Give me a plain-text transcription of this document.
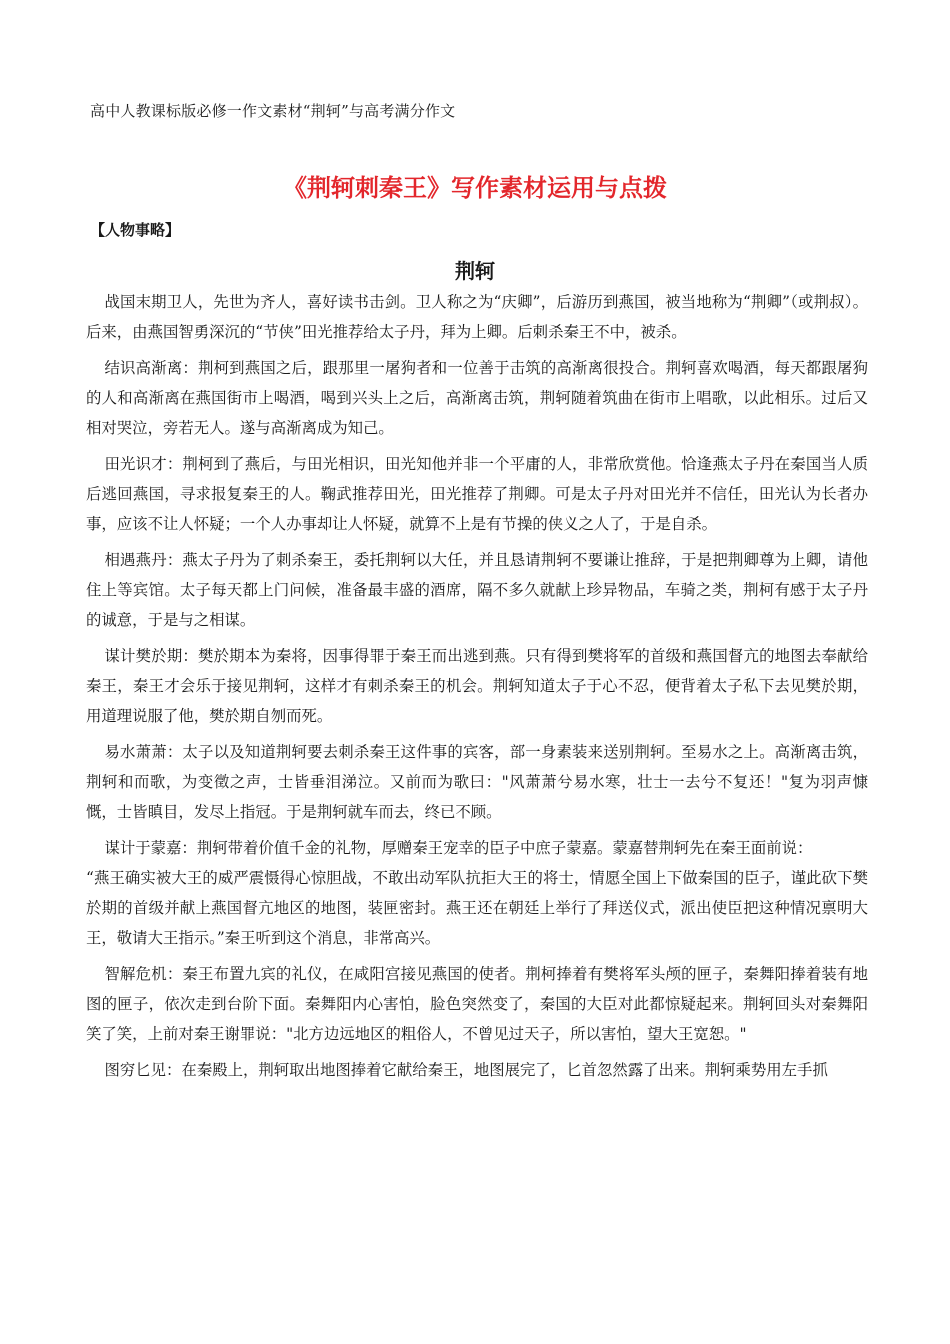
高中人教课标版必修一作文素材“荆轲”与高考满分作文
《荆轲刺秦王》写作素材运用与点拨
【人物事略】
荆轲

战国末期卫人，先世为齐人，喜好读书击剑。卫人称之为“庆卿”，后游历到燕国，被当地称为“荆卿”（或荆叔）。后来，由燕国智勇深沉的“节侠”田光推荐给太子丹，拜为上卿。后刺杀秦王不中，被杀。

结识高渐离：荆柯到燕国之后，跟那里一屠狗者和一位善于击筑的高渐离很投合。荆轲喜欢喝酒，每天都跟屠狗的人和高渐离在燕国街市上喝酒，喝到兴头上之后，高渐离击筑，荆轲随着筑曲在街市上唱歌，以此相乐。过后又相对哭泣，旁若无人。遂与高渐离成为知己。

田光识才：荆柯到了燕后，与田光相识，田光知他并非一个平庸的人，非常欣赏他。恰逢燕太子丹在秦国当人质后逃回燕国，寻求报复秦王的人。鞠武推荐田光，田光推荐了荆卿。可是太子丹对田光并不信任，田光认为长者办事，应该不让人怀疑；一个人办事却让人怀疑，就算不上是有节操的侠义之人了，于是自杀。

相遇燕丹：燕太子丹为了刺杀秦王，委托荆轲以大任，并且恳请荆轲不要谦让推辞，于是把荆卿尊为上卿，请他住上等宾馆。太子每天都上门问候，准备最丰盛的酒席，隔不多久就献上珍异物品，车骑之类，荆柯有感于太子丹的诚意，于是与之相谋。

谋计樊於期：樊於期本为秦将，因事得罪于秦王而出逃到燕。只有得到樊将军的首级和燕国督亢的地图去奉献给秦王，秦王才会乐于接见荆轲，这样才有刺杀秦王的机会。荆轲知道太子于心不忍，便背着太子私下去见樊於期，用道理说服了他，樊於期自刎而死。

易水萧萧：太子以及知道荆轲要去刺杀秦王这件事的宾客，部一身素装来送别荆轲。至易水之上。高渐离击筑，荆轲和而歌，为变徵之声，士皆垂泪涕泣。又前而为歌曰："风萧萧兮易水寒，壮士一去兮不复还！"复为羽声慷慨，士皆瞋目，发尽上指冠。于是荆轲就车而去，终已不顾。

谋计于蒙嘉：荆轲带着价值千金的礼物，厚赠秦王宠幸的臣子中庶子蒙嘉。蒙嘉替荆轲先在秦王面前说：

“燕王确实被大王的威严震慑得心惊胆战，不敢出动军队抗拒大王的将士，情愿全国上下做秦国的臣子，谨此砍下樊於期的首级并献上燕国督亢地区的地图，装匣密封。燕王还在朝廷上举行了拜送仪式，派出使臣把这种情况禀明大王，敬请大王指示。”秦王听到这个消息，非常高兴。

智解危机：秦王布置九宾的礼仪，在咸阳宫接见燕国的使者。荆柯捧着有樊将军头颅的匣子，秦舞阳捧着装有地图的匣子，依次走到台阶下面。秦舞阳内心害怕，脸色突然变了，秦国的大臣对此都惊疑起来。荆轲回头对秦舞阳笑了笑，上前对秦王谢罪说："北方边远地区的粗俗人，不曾见过天子，所以害怕，望大王宽恕。"

图穷匕见：在秦殿上，荆轲取出地图捧着它献给秦王，地图展完了，匕首忽然露了出来。荆轲乘势用左手抓
